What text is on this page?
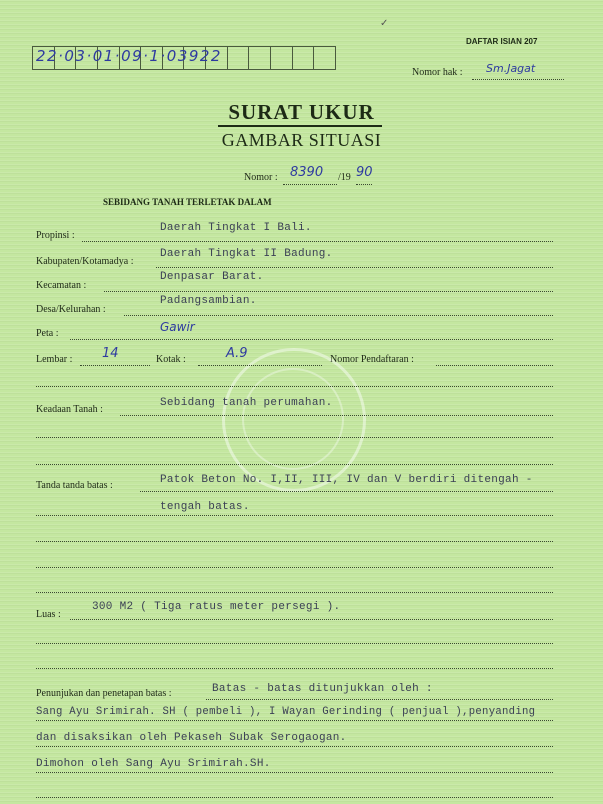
✓
DAFTAR ISIAN 207
22·03·01·09·1·03922
Nomor hak : Sm.Jagat
SURAT UKUR
GAMBAR SITUASI
Nomor : 8390 /19 90
SEBIDANG TANAH TERLETAK DALAM
Propinsi :
Daerah Tingkat I Bali.
Kabupaten/Kotamadya :
Daerah Tingkat II Badung.
Kecamatan :
Denpasar Barat.
Desa/Kelurahan :
Padangsambian.
Peta :	Gawir
Lembar : 14	Kotak :	A.9	Nomor Pendaftaran :
Keadaan Tanah :
Sebidang tanah perumahan.
Tanda tanda batas :	Patok Beton No. I,II, III, IV dan V berdiri ditengah -
tengah batas.
Luas :
300 M2 ( Tiga ratus meter persegi ).
Penunjukan dan penetapan batas :	Batas - batas ditunjukkan oleh :
Sang Ayu Srimirah. SH ( pembeli ), I Wayan Gerinding ( penjual ),penyanding
dan disaksikan oleh Pekaseh Subak Serogaogan.
Dimohon oleh Sang Ayu Srimirah.SH.
